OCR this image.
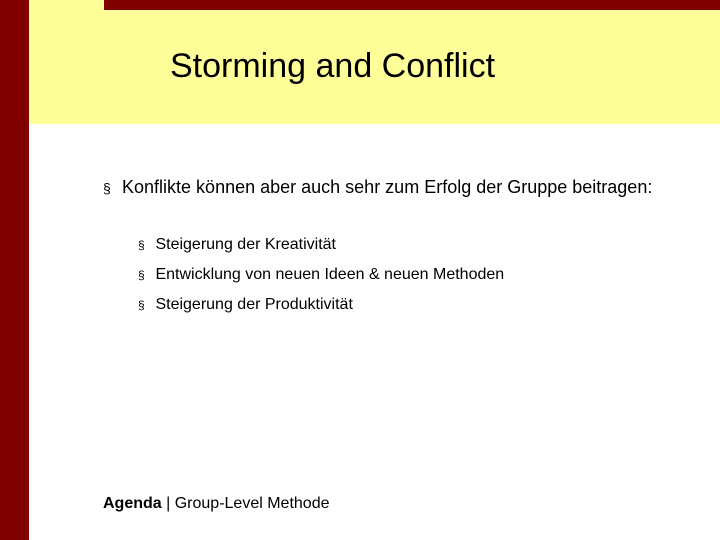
Storming and Conflict
§ Konflikte können aber auch sehr zum Erfolg der Gruppe beitragen:
§ Steigerung der Kreativität
§ Entwicklung von neuen Ideen & neuen Methoden
§ Steigerung der Produktivität
Agenda | Group-Level Methode
